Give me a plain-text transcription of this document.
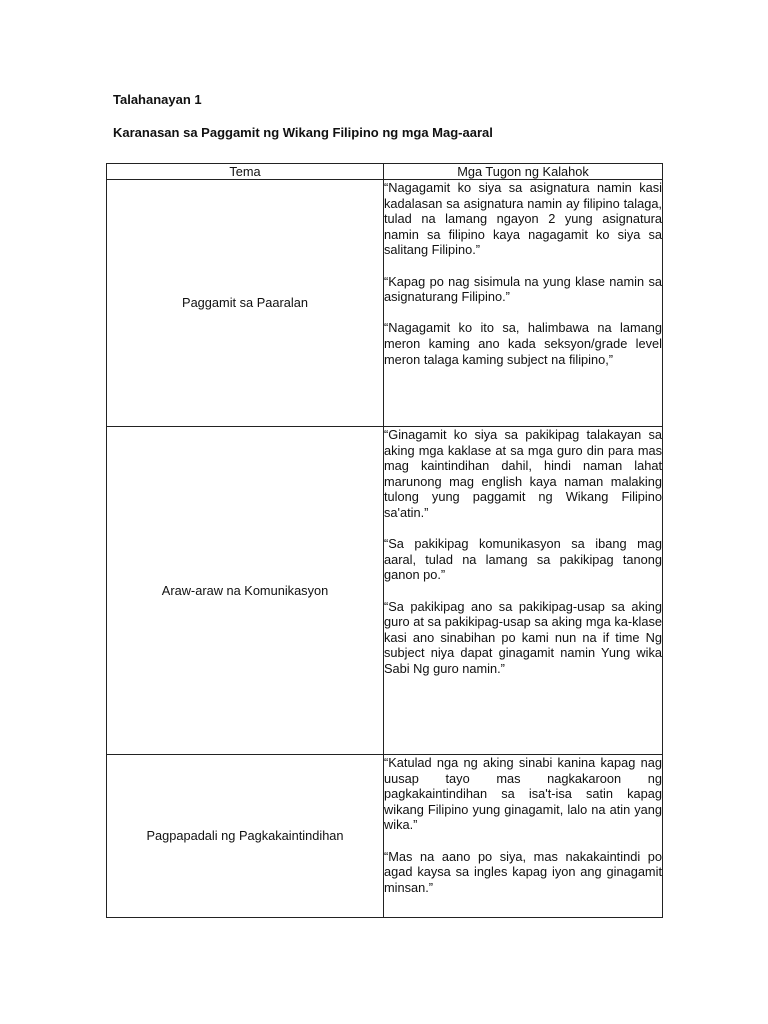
Talahanayan 1

Karanasan sa Paggamit ng Wikang Filipino ng mga Mag-aaral

Tema	Mga Tugon ng Kalahok
Paggamit sa Paaralan	“Nagagamit ko siya sa asignatura namin kasi kadalasan sa asignatura namin ay filipino talaga, tulad na lamang ngayon 2 yung asignatura namin sa filipino kaya nagagamit ko siya sa salitang Filipino.”

“Kapag po nag sisimula na yung klase namin sa asignaturang Filipino.”

“Nagagamit ko ito sa, halimbawa na lamang meron kaming ano kada seksyon/grade level meron talaga kaming subject na filipino,”

Araw-araw na Komunikasyon	“Ginagamit ko siya sa pakikipag talakayan sa aking mga kaklase at sa mga guro din para mas mag kaintindihan dahil, hindi naman lahat marunong mag english kaya naman malaking tulong yung paggamit ng Wikang Filipino sa'atin.”

“Sa pakikipag komunikasyon sa ibang mag aaral, tulad na lamang sa pakikipag tanong ganon po.”

“Sa pakikipag ano sa pakikipag-usap sa aking guro at sa pakikipag-usap sa aking mga ka-klase kasi ano sinabihan po kami nun na if time Ng subject niya dapat ginagamit namin Yung wika Sabi Ng guro namin.”

Pagpapadali ng Pagkakaintindihan	“Katulad nga ng aking sinabi kanina kapag nag uusap tayo mas nagkakaroon ng pagkakaintindihan sa isa't-isa satin kapag wikang Filipino yung ginagamit, lalo na atin yang wika.”

“Mas na aano po siya, mas nakakaintindi po agad kaysa sa ingles kapag iyon ang ginagamit minsan.”
